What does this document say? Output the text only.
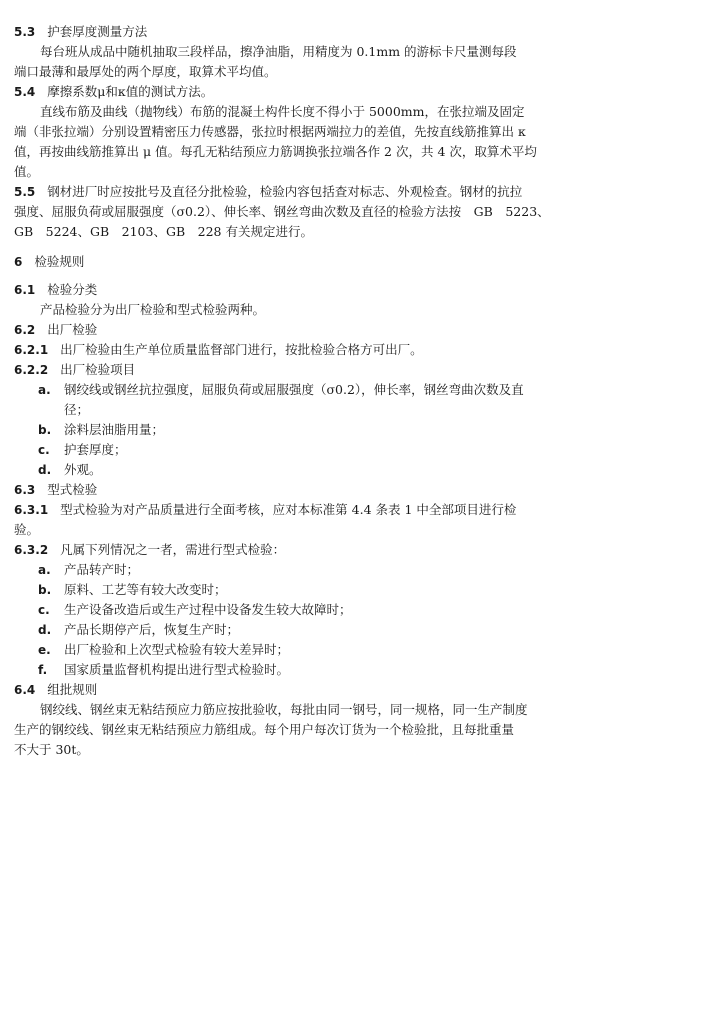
5.3 护套厚度测量方法
每台班从成品中随机抽取三段样品，擦净油脂，用精度为 0.1mm 的游标卡尺量测每段
端口最薄和最厚处的两个厚度，取算术平均值。
5.4 摩擦系数μ和κ值的测试方法。
直线布筋及曲线（抛物线）布筋的混凝土构件长度不得小于 5000mm，在张拉端及固定
端（非张拉端）分别设置精密压力传感器，张拉时根据两端拉力的差值，先按直线筋推算出 κ
值，再按曲线筋推算出 μ 值。每孔无粘结预应力筋调换张拉端各作 2 次，共 4 次，取算术平均
值。
5.5 钢材进厂时应按批号及直径分批检验，检验内容包括查对标志、外观检查。钢材的抗拉
强度、屈服负荷或屈服强度（σ0.2）、伸长率、钢丝弯曲次数及直径的检验方法按　GB　5223、
GB　5224、GB　2103、GB　228 有关规定进行。
6 检验规则
6.1 检验分类
产品检验分为出厂检验和型式检验两种。
6.2 出厂检验
6.2.1 出厂检验由生产单位质量监督部门进行，按批检验合格方可出厂。
6.2.2 出厂检验项目
a. 钢绞线或钢丝抗拉强度，屈服负荷或屈服强度（σ0.2），伸长率，钢丝弯曲次数及直
径；
b. 涂料层油脂用量；
c. 护套厚度；
d. 外观。
6.3 型式检验
6.3.1 型式检验为对产品质量进行全面考核，应对本标准第 4.4 条表 1 中全部项目进行检
验。
6.3.2 凡属下列情况之一者，需进行型式检验：
a. 产品转产时；
b. 原料、工艺等有较大改变时；
c. 生产设备改造后或生产过程中设备发生较大故障时；
d. 产品长期停产后，恢复生产时；
e. 出厂检验和上次型式检验有较大差异时；
f. 国家质量监督机构提出进行型式检验时。
6.4 组批规则
钢绞线、钢丝束无粘结预应力筋应按批验收，每批由同一钢号，同一规格，同一生产制度
生产的钢绞线、钢丝束无粘结预应力筋组成。每个用户每次订货为一个检验批，且每批重量
不大于 30t。
